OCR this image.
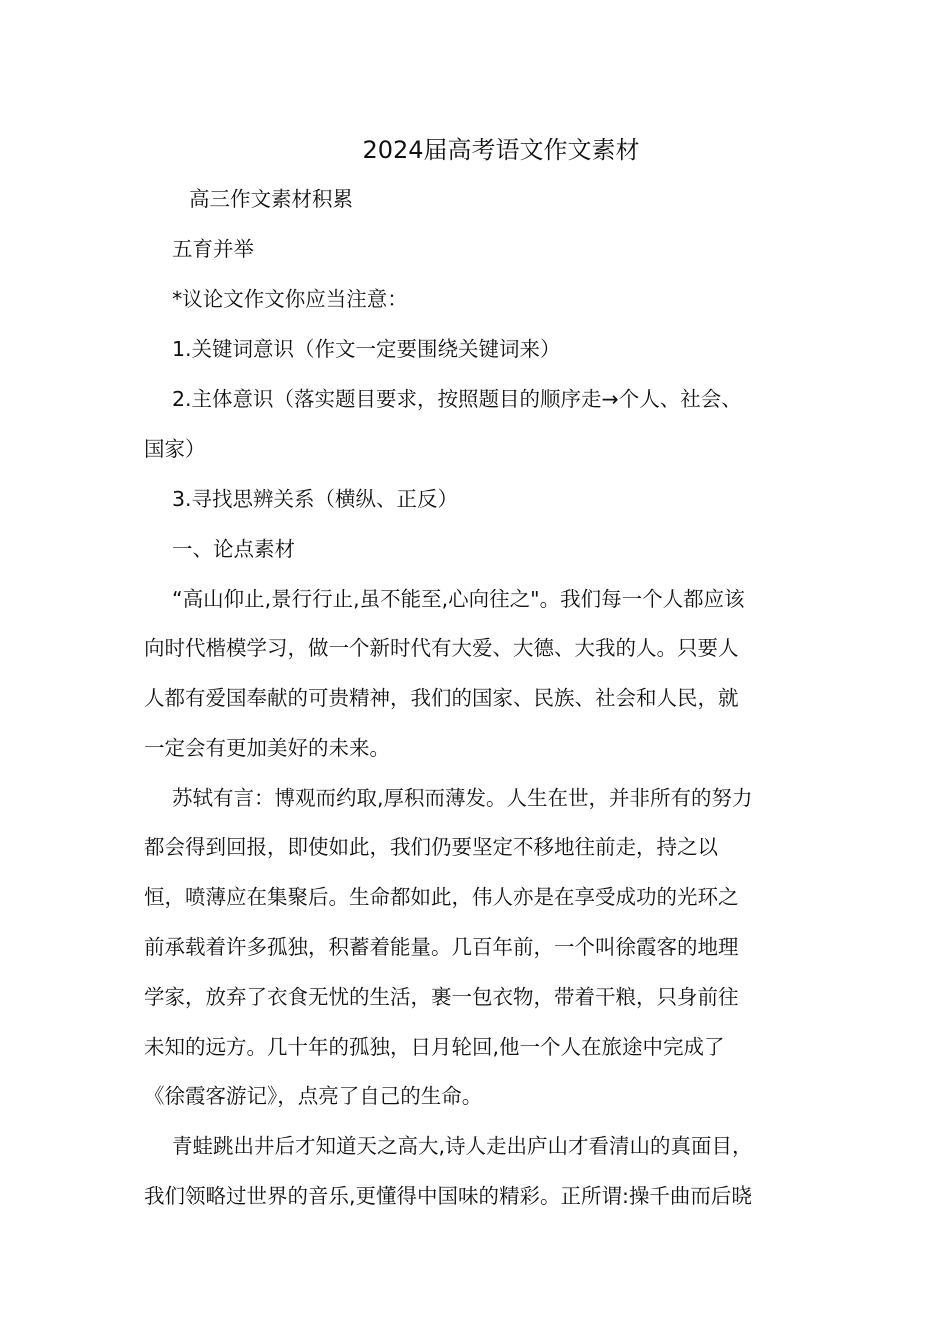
2024届高考语文作文素材
高三作文素材积累
五育并举
*议论文作文你应当注意：
1.关键词意识（作文一定要围绕关键词来）
2.主体意识（落实题目要求，按照题目的顺序走→个人、社会、
国家）
3.寻找思辨关系（横纵、正反）
一、论点素材
“高山仰止,景行行止,虽不能至,心向往之"。我们每一个人都应该
向时代楷模学习，做一个新时代有大爱、大德、大我的人。只要人
人都有爱国奉献的可贵精神，我们的国家、民族、社会和人民，就
一定会有更加美好的未来。
苏轼有言：博观而约取,厚积而薄发。人生在世，并非所有的努力
都会得到回报，即使如此，我们仍要坚定不移地往前走，持之以
恒，喷薄应在集聚后。生命都如此，伟人亦是在享受成功的光环之
前承载着许多孤独，积蓄着能量。几百年前，一个叫徐霞客的地理
学家，放弃了衣食无忧的生活，裹一包衣物，带着干粮，只身前往
未知的远方。几十年的孤独，日月轮回,他一个人在旅途中完成了
《徐霞客游记》，点亮了自己的生命。
青蛙跳出井后才知道天之高大,诗人走出庐山才看清山的真面目，
我们领略过世界的音乐,更懂得中国味的精彩。正所谓:操千曲而后晓
